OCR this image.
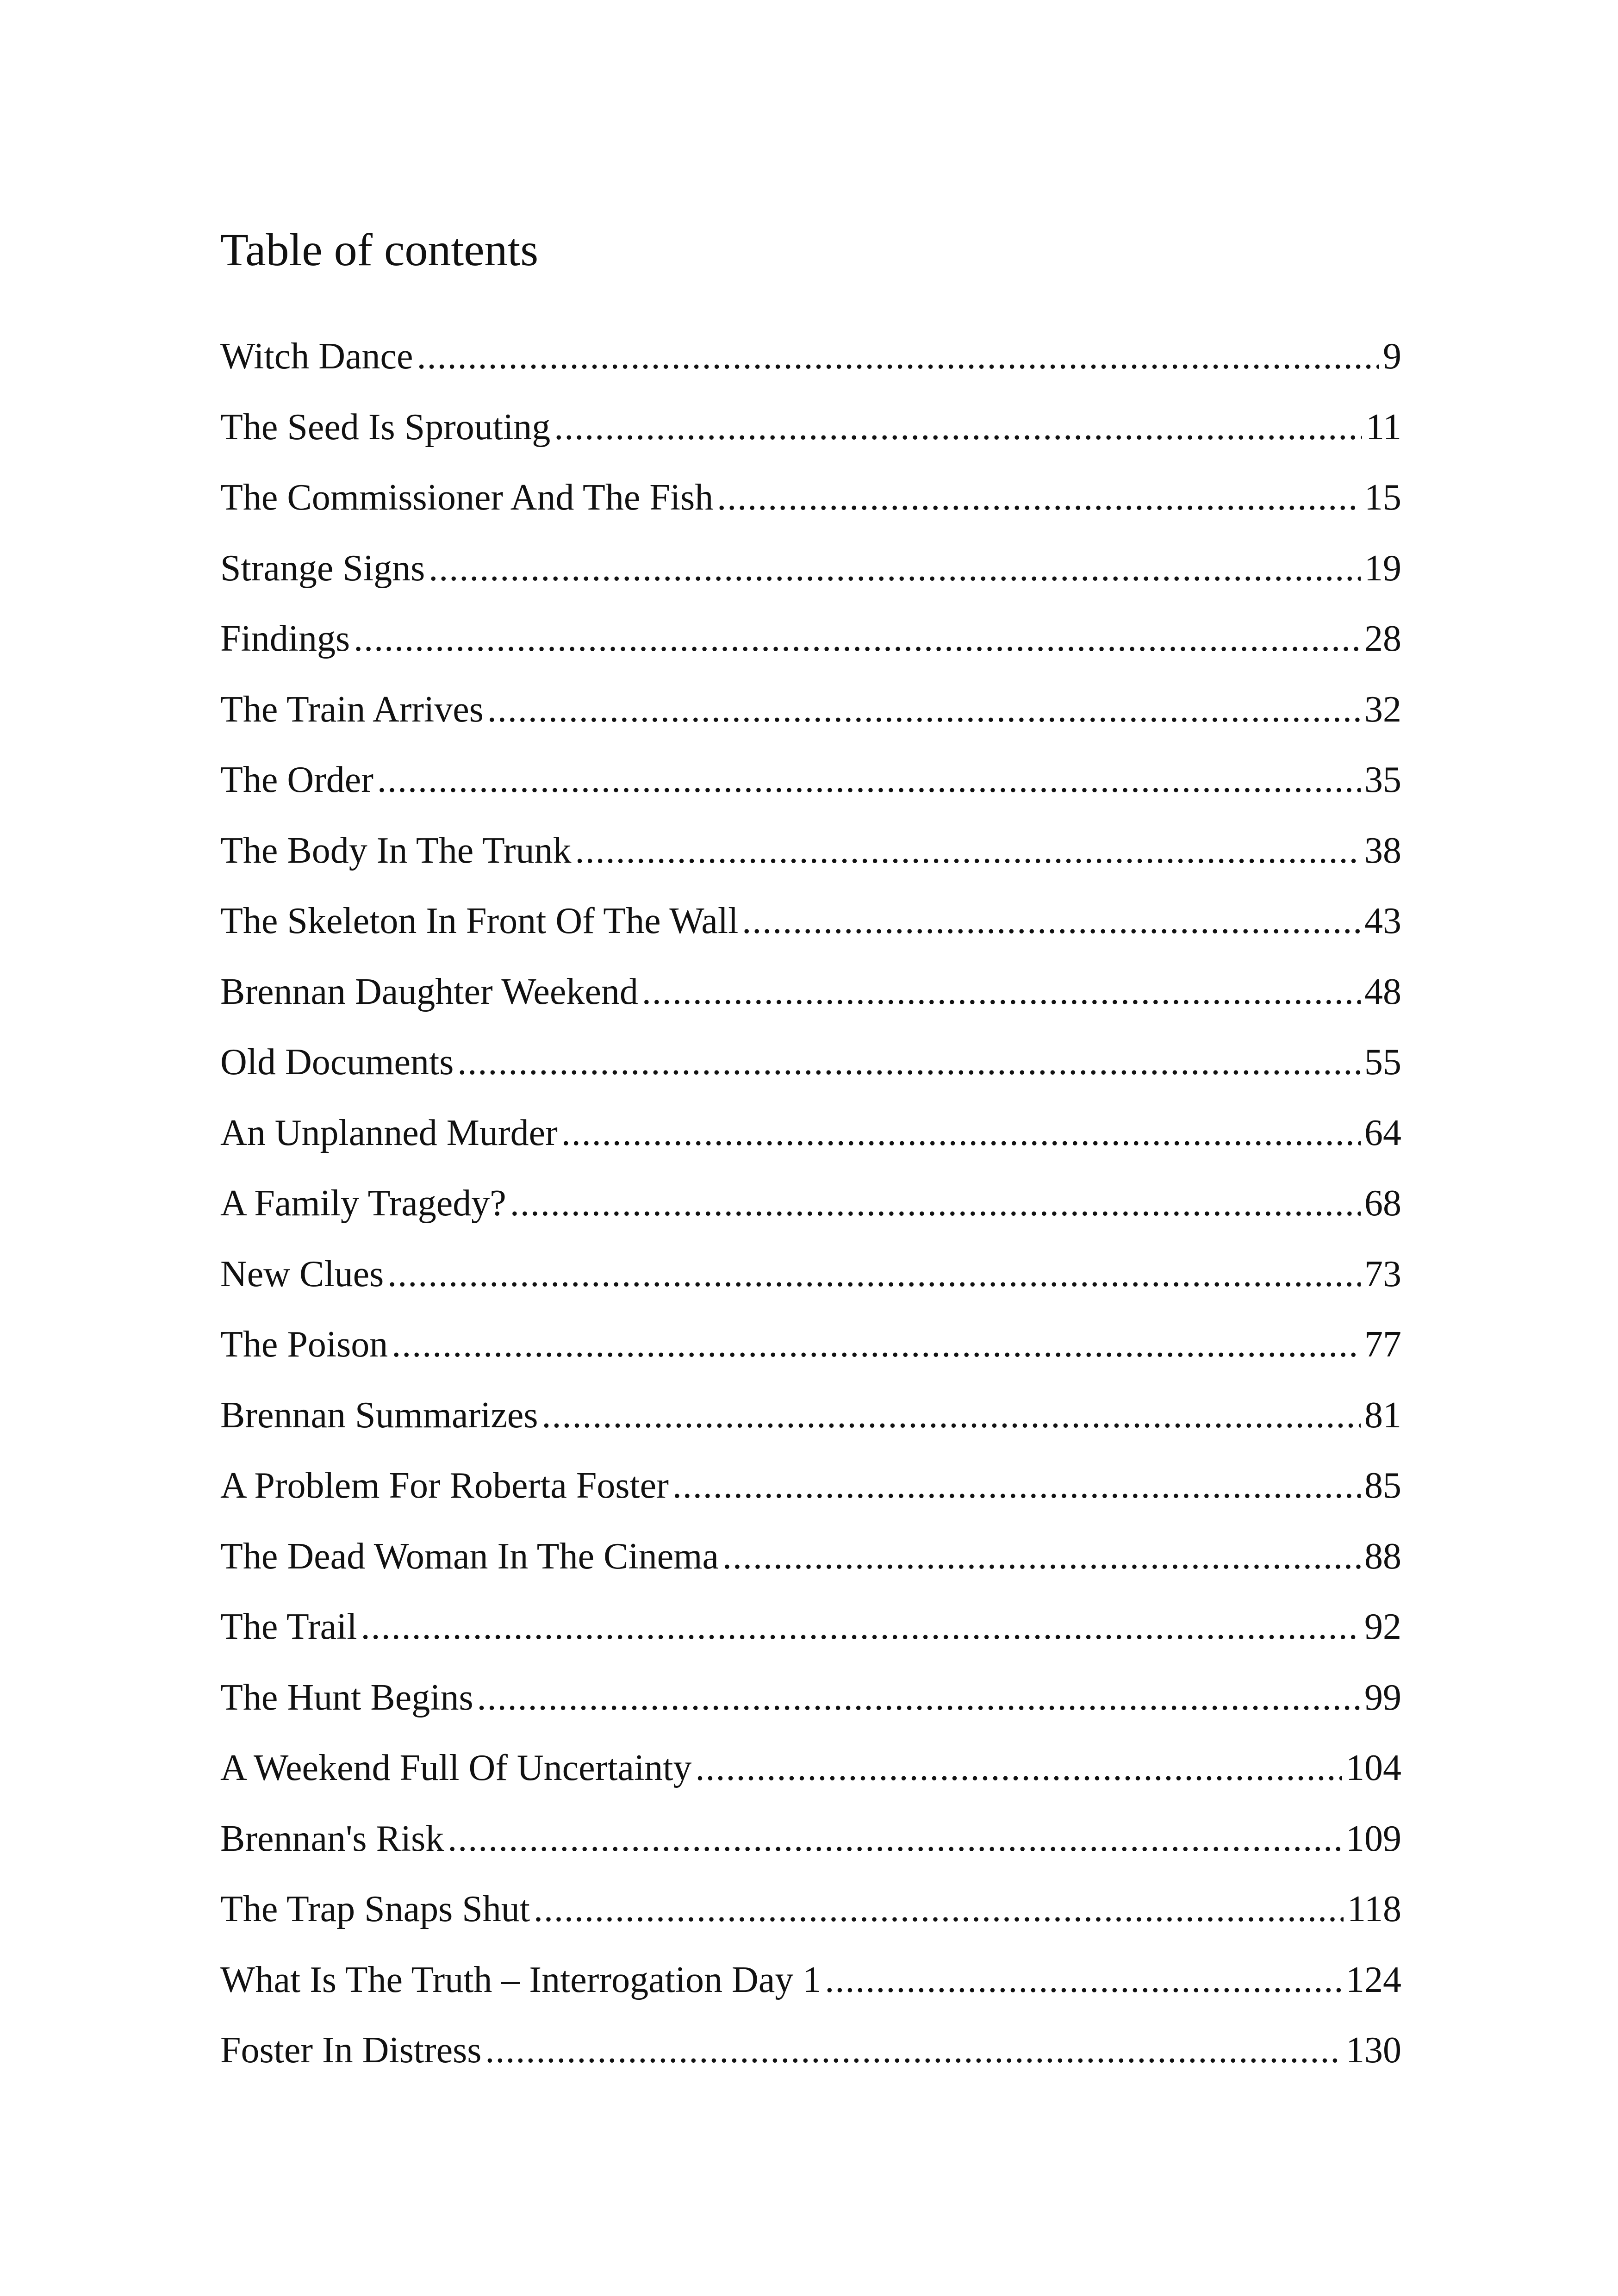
Table of contents
Witch Dance .....	9
The Seed Is Sprouting .....	11
The Commissioner And The Fish .....	15
Strange Signs .....	19
Findings .....	28
The Train Arrives .....	32
The Order .....	35
The Body In The Trunk .....	38
The Skeleton In Front Of The Wall .....	43
Brennan Daughter Weekend .....	48
Old Documents .....	55
An Unplanned Murder .....	64
A Family Tragedy? .....	68
New Clues .....	73
The Poison .....	77
Brennan Summarizes .....	81
A Problem For Roberta Foster .....	85
The Dead Woman In The Cinema .....	88
The Trail .....	92
The Hunt Begins .....	99
A Weekend Full Of Uncertainty .....	104
Brennan's Risk .....	109
The Trap Snaps Shut .....	118
What Is The Truth – Interrogation Day 1 .....	124
Foster In Distress .....	130
